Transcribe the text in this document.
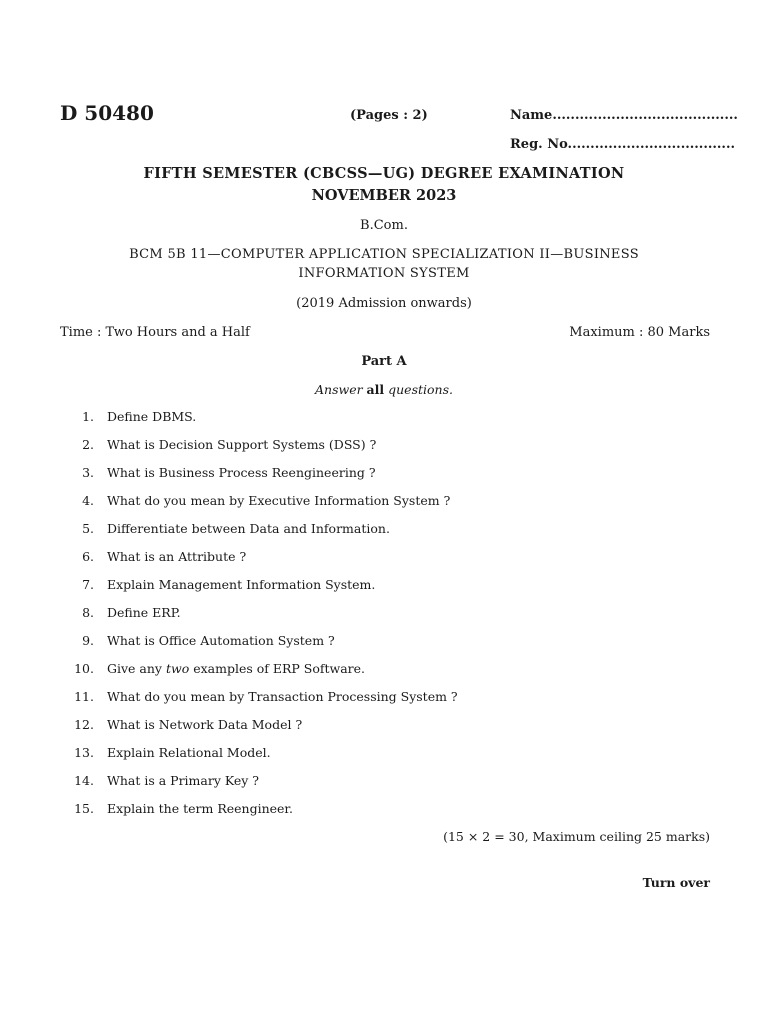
D 50480	(Pages : 2)	Name.........................................
Reg. No.....................................
FIFTH SEMESTER (CBCSS—UG) DEGREE EXAMINATION
NOVEMBER 2023
B.Com.
BCM 5B 11—COMPUTER APPLICATION SPECIALIZATION II—BUSINESS
INFORMATION SYSTEM
(2019 Admission onwards)
Time : Two Hours and a Half	Maximum : 80 Marks
Part A
Answer all questions.
1. Define DBMS.
2. What is Decision Support Systems (DSS) ?
3. What is Business Process Reengineering ?
4. What do you mean by Executive Information System ?
5. Differentiate between Data and Information.
6. What is an Attribute ?
7. Explain Management Information System.
8. Define ERP.
9. What is Office Automation System ?
10. Give any two examples of ERP Software.
11. What do you mean by Transaction Processing System ?
12. What is Network Data Model ?
13. Explain Relational Model.
14. What is a Primary Key ?
15. Explain the term Reengineer.
(15 × 2 = 30, Maximum ceiling 25 marks)
Turn over
